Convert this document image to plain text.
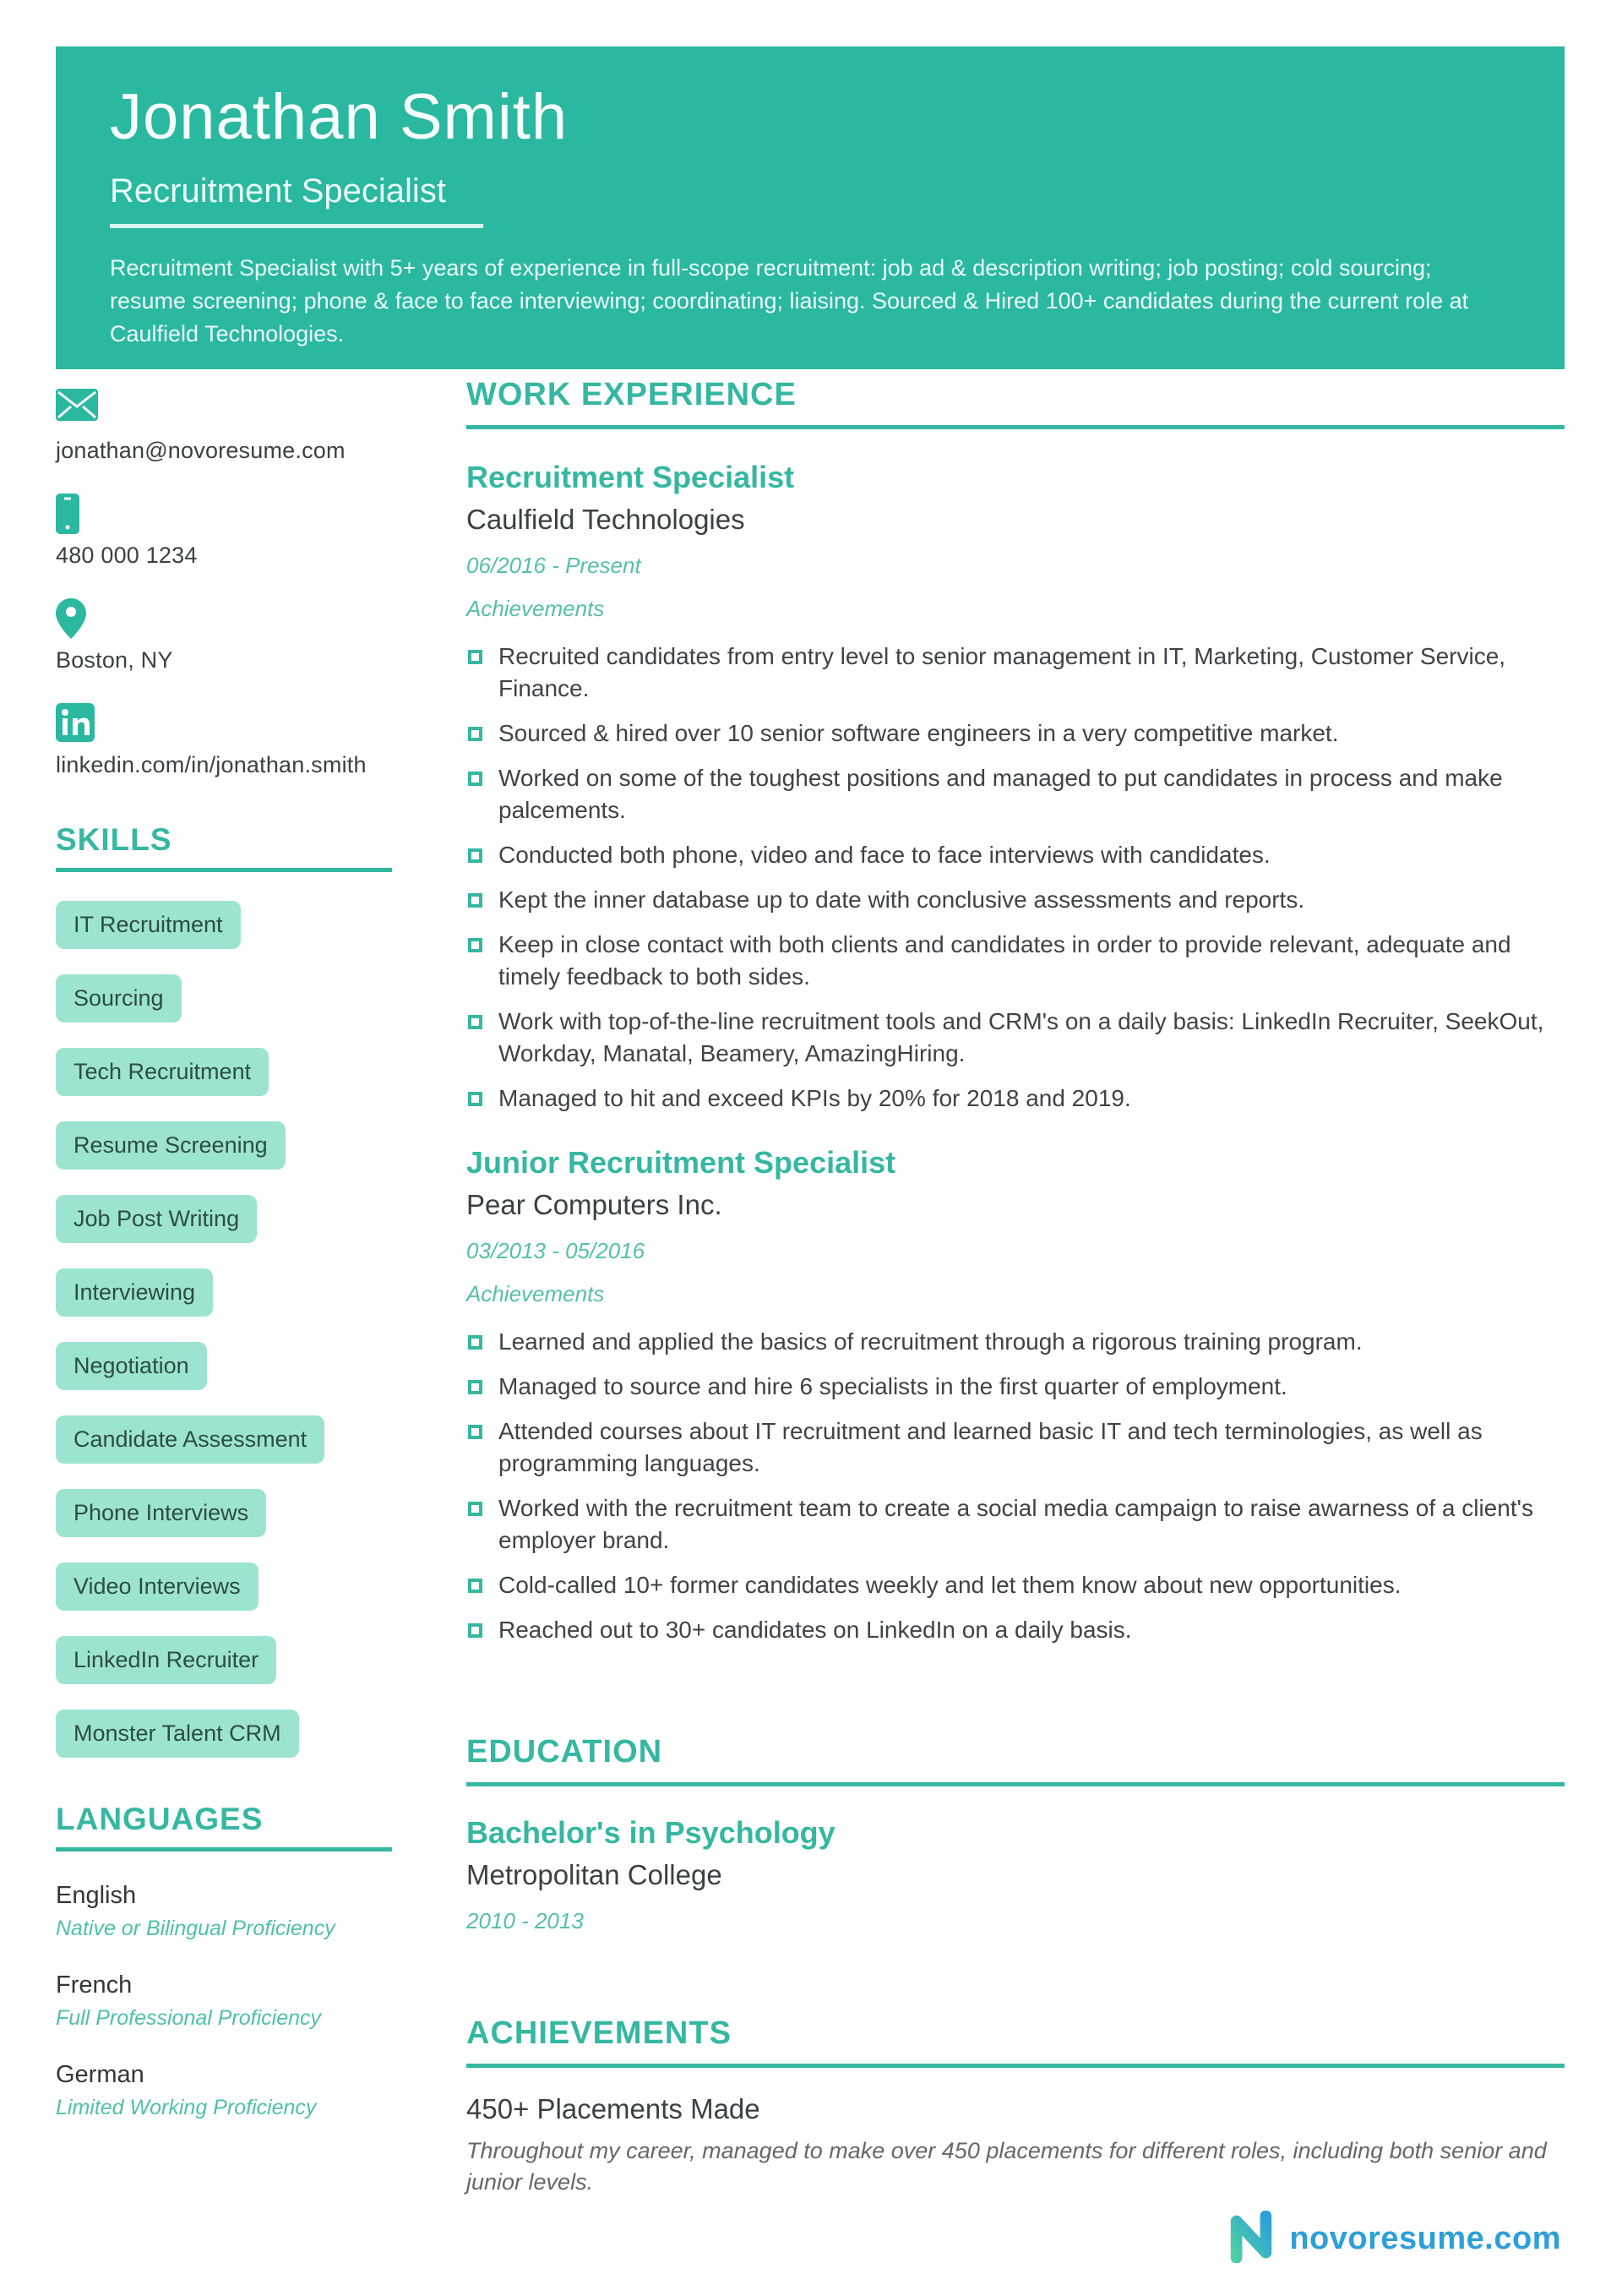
Jonathan Smith
Recruitment Specialist

Recruitment Specialist with 5+ years of experience in full-scope recruitment: job ad & description writing; job posting; cold sourcing; resume screening; phone & face to face interviewing; coordinating; liaising. Sourced & Hired 100+ candidates during the current role at Caulfield Technologies.

jonathan@novoresume.com
480 000 1234
Boston, NY
linkedin.com/in/jonathan.smith
SKILLS
IT Recruitment
Sourcing
Tech Recruitment
Resume Screening
Job Post Writing
Interviewing
Negotiation
Candidate Assessment
Phone Interviews
Video Interviews
LinkedIn Recruiter
Monster Talent CRM
LANGUAGES
English
Native or Bilingual Proficiency
French
Full Professional Proficiency
German
Limited Working Proficiency
WORK EXPERIENCE
Recruitment Specialist
Caulfield Technologies
06/2016 - Present
Achievements
Recruited candidates from entry level to senior management in IT, Marketing, Customer Service, Finance.
Sourced & hired over 10 senior software engineers in a very competitive market.
Worked on some of the toughest positions and managed to put candidates in process and make palcements.
Conducted both phone, video and face to face interviews with candidates.
Kept the inner database up to date with conclusive assessments and reports.
Keep in close contact with both clients and candidates in order to provide relevant, adequate and timely feedback to both sides.
Work with top-of-the-line recruitment tools and CRM's on a daily basis: LinkedIn Recruiter, SeekOut, Workday, Manatal, Beamery, AmazingHiring.
Managed to hit and exceed KPIs by 20% for 2018 and 2019.
Junior Recruitment Specialist
Pear Computers Inc.
03/2013 - 05/2016
Achievements
Learned and applied the basics of recruitment through a rigorous training program.
Managed to source and hire 6 specialists in the first quarter of employment.
Attended courses about IT recruitment and learned basic IT and tech terminologies, as well as programming languages.
Worked with the recruitment team to create a social media campaign to raise awarness of a client's employer brand.
Cold-called 10+ former candidates weekly and let them know about new opportunities.
Reached out to 30+ candidates on LinkedIn on a daily basis.
EDUCATION
Bachelor's in Psychology
Metropolitan College
2010 - 2013
ACHIEVEMENTS
450+ Placements Made

Throughout my career, managed to make over 450 placements for different roles, including both senior and junior levels.

novoresume.com
